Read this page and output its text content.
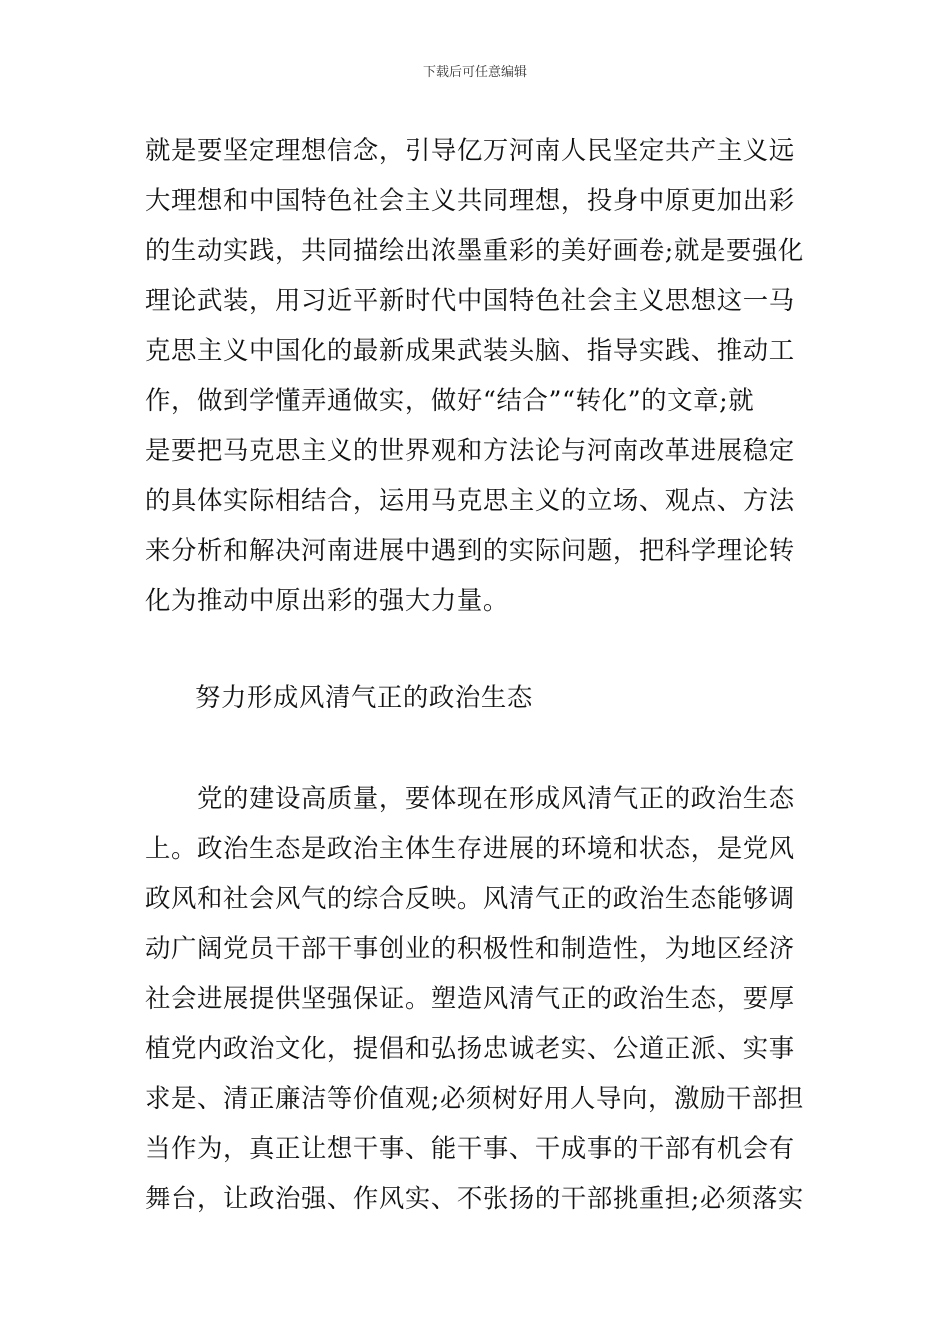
下载后可任意编辑

就是要坚定理想信念，引导亿万河南人民坚定共产主义远
大理想和中国特色社会主义共同理想，投身中原更加出彩
的生动实践，共同描绘出浓墨重彩的美好画卷;就是要强化
理论武装，用习近平新时代中国特色社会主义思想这一马
克思主义中国化的最新成果武装头脑、指导实践、推动工
作，做到学懂弄通做实，做好“结合”“转化”的文章;就
是要把马克思主义的世界观和方法论与河南改革进展稳定
的具体实际相结合，运用马克思主义的立场、观点、方法
来分析和解决河南进展中遇到的实际问题，把科学理论转
化为推动中原出彩的强大力量。

努力形成风清气正的政治生态

　　党的建设高质量，要体现在形成风清气正的政治生态
上。政治生态是政治主体生存进展的环境和状态，是党风
政风和社会风气的综合反映。风清气正的政治生态能够调
动广阔党员干部干事创业的积极性和制造性，为地区经济
社会进展提供坚强保证。塑造风清气正的政治生态，要厚
植党内政治文化，提倡和弘扬忠诚老实、公道正派、实事
求是、清正廉洁等价值观;必须树好用人导向，激励干部担
当作为，真正让想干事、能干事、干成事的干部有机会有
舞台，让政治强、作风实、不张扬的干部挑重担;必须落实
